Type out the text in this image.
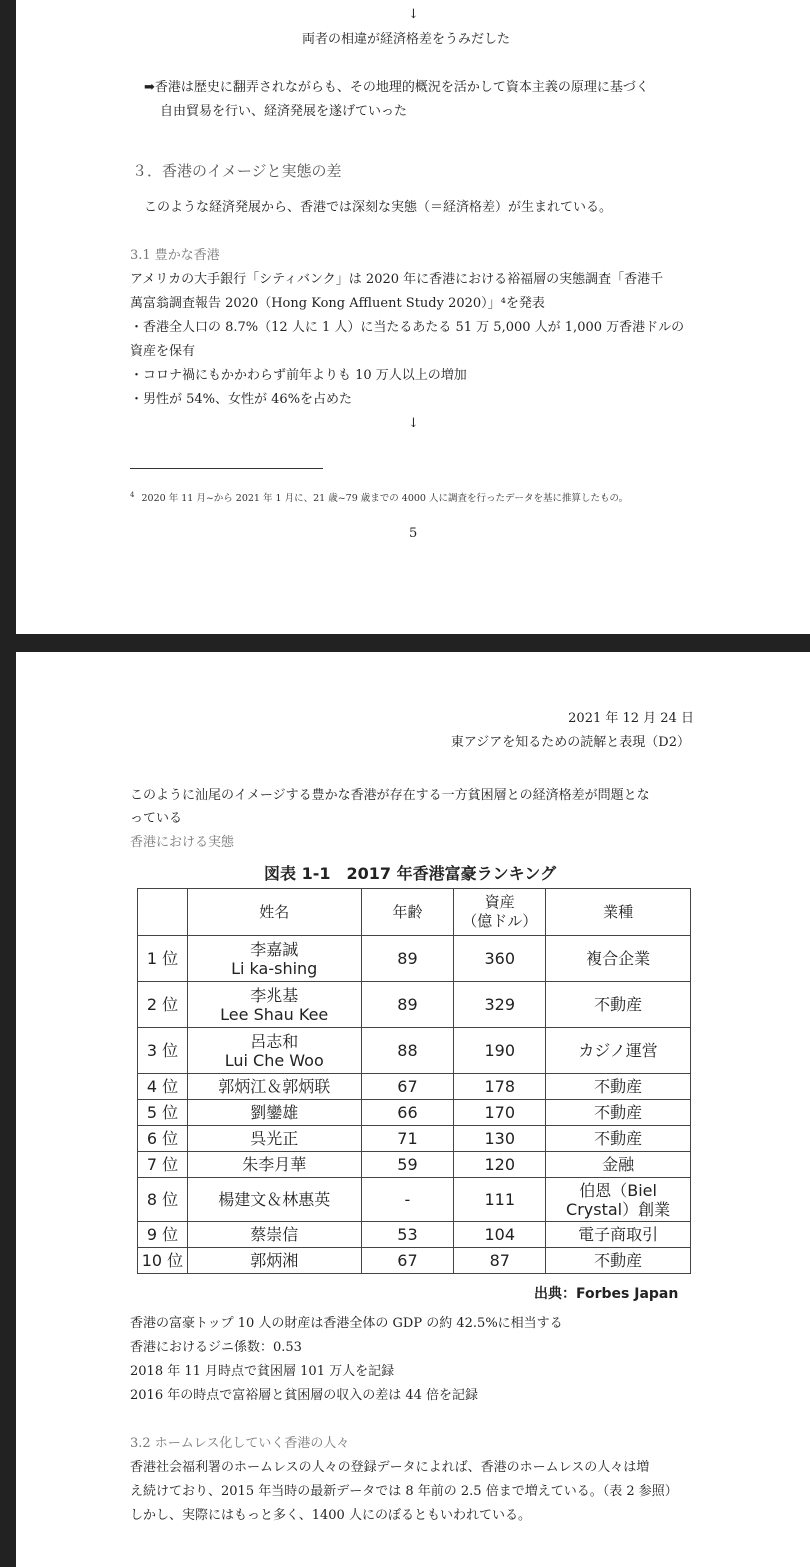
↓
両者の相違が経済格差をうみだした
➡香港は歴史に翻弄されながらも、その地理的概況を活かして資本主義の原理に基づく
自由貿易を行い、経済発展を遂げていった
３．香港のイメージと実態の差
このような経済発展から、香港では深刻な実態（＝経済格差）が生まれている。
3.1 豊かな香港
アメリカの大手銀行「シティバンク」は 2020 年に香港における裕福層の実態調査「香港千
萬富翁調査報告 2020（Hong Kong Affluent Study 2020）」⁴を発表
・香港全人口の 8.7%（12 人に 1 人）に当たるあたる 51 万 5,000 人が 1,000 万香港ドルの
資産を保有
・コロナ禍にもかかわらず前年よりも 10 万人以上の増加
・男性が 54%、女性が 46%を占めた
↓
$^4$ 2020 年 11 月~から 2021 年 1 月に、21 歳~79 歳までの 4000 人に調査を行ったデータを基に推算したもの。
5
2021 年 12 月 24 日
東アジアを知るための読解と表現（D2）
このように汕尾のイメージする豊かな香港が存在する一方貧困層との経済格差が問題とな
っている
香港における実態
図表 1-1　2017 年香港富豪ランキング
	姓名	年齢	資産
（億ドル）	業種

1 位	李嘉誠
Li ka-shing	89	360	複合企業

2 位	李兆基
Lee Shau Kee	89	329	不動産

3 位	呂志和
Lui Che Woo	88	190	カジノ運営

4 位	郭炳江＆郭炳联	67	178	不動産

5 位	劉鑾雄	66	170	不動産

6 位	呉光正	71	130	不動産

7 位	朱李月華	59	120	金融

8 位	楊建文＆林惠英	-	111	伯恩（Biel
Crystal）創業

9 位	蔡崇信	53	104	電子商取引

10 位	郭炳湘	67	87	不動産
出典：Forbes Japan
香港の富豪トップ 10 人の財産は香港全体の GDP の約 42.5%に相当する
香港におけるジニ係数：0.53
2018 年 11 月時点で貧困層 101 万人を記録
2016 年の時点で富裕層と貧困層の収入の差は 44 倍を記録
3.2 ホームレス化していく香港の人々
香港社会福利署のホームレスの人々の登録データによれば、香港のホームレスの人々は増
え続けており、2015 年当時の最新データでは 8 年前の 2.5 倍まで増えている。（表 2 参照）
しかし、実際にはもっと多く、1400 人にのぼるともいわれている。
